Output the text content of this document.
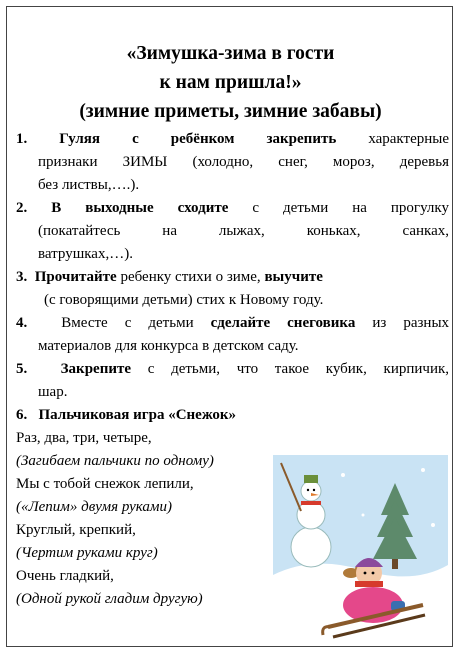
«Зимушка-зима в гости
к нам пришла!»
(зимние приметы, зимние забавы)

1. Гуляя с ребёнком закрепить характерные

признаки ЗИМЫ (холодно, снег, мороз, деревья

без листвы,….).

2. В выходные сходите с детьми на прогулку

(покатайтесь на лыжах, коньках, санках,

ватрушках,…).

3. Прочитайте ребенку стихи о зиме, выучите

(с говорящими детьми) стих к Новому году.

4. Вместе с детьми сделайте снеговика из разных

материалов для конкурса в детском саду.

5. Закрепите с детьми, что такое кубик, кирпичик,

шар.

6. Пальчиковая игра «Снежок»

Раз, два, три, четыре,
(Загибаем пальчики по одному)
Мы с тобой снежок лепили,
(«Лепим» двумя руками)
Круглый, крепкий,
(Чертим руками круг)
Очень гладкий,
(Одной рукой гладим другую)
